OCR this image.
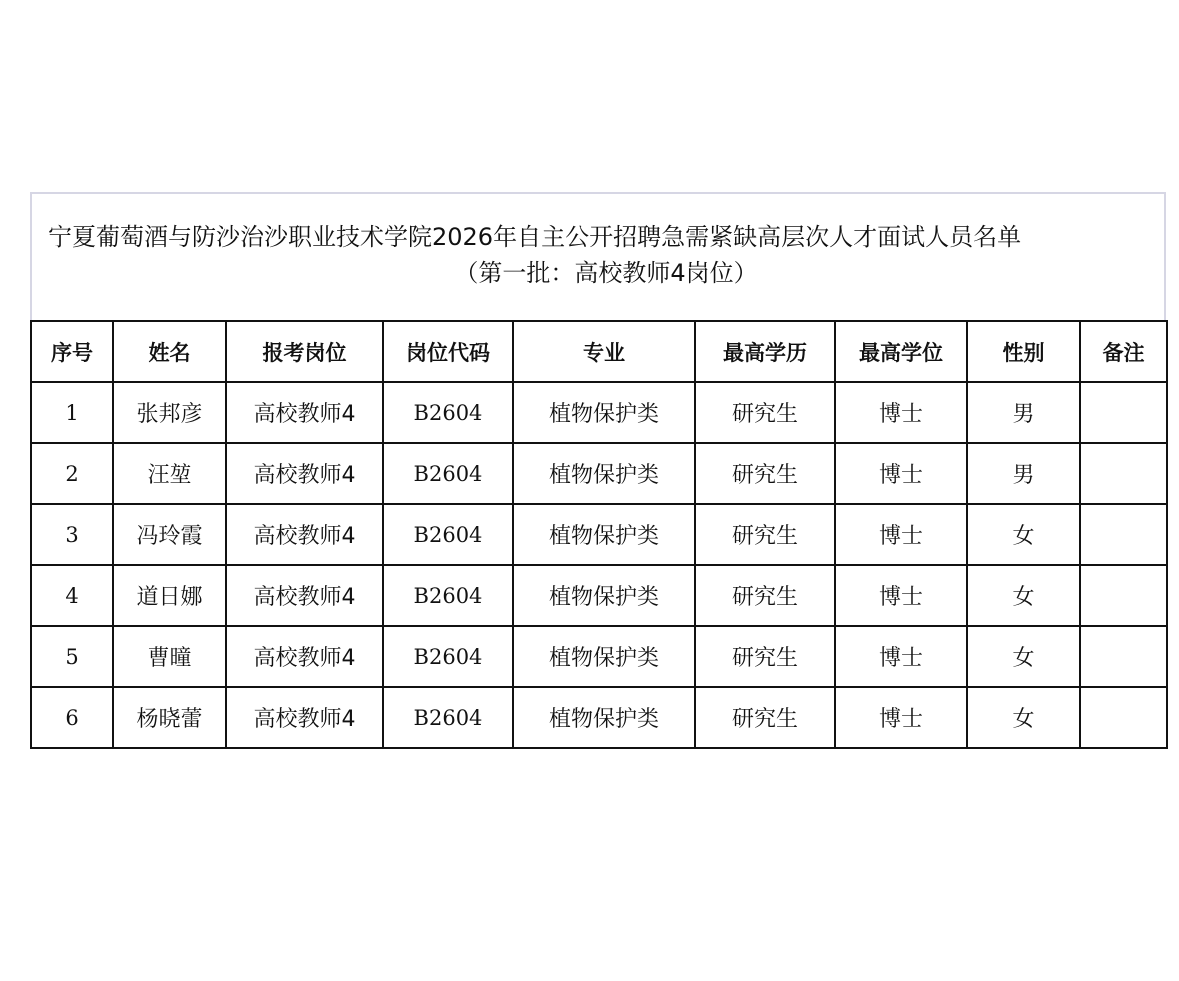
宁夏葡萄酒与防沙治沙职业技术学院2026年自主公开招聘急需紧缺高层次人才面试人员名单
（第一批：高校教师4岗位）
序号	姓名	报考岗位	岗位代码	专业	最高学历	最高学位	性别	备注
1	张邦彦	高校教师4	B2604	植物保护类	研究生	博士	男	
2	汪堃	高校教师4	B2604	植物保护类	研究生	博士	男	
3	冯玲霞	高校教师4	B2604	植物保护类	研究生	博士	女	
4	道日娜	高校教师4	B2604	植物保护类	研究生	博士	女	
5	曹曈	高校教师4	B2604	植物保护类	研究生	博士	女	
6	杨晓蕾	高校教师4	B2604	植物保护类	研究生	博士	女	
